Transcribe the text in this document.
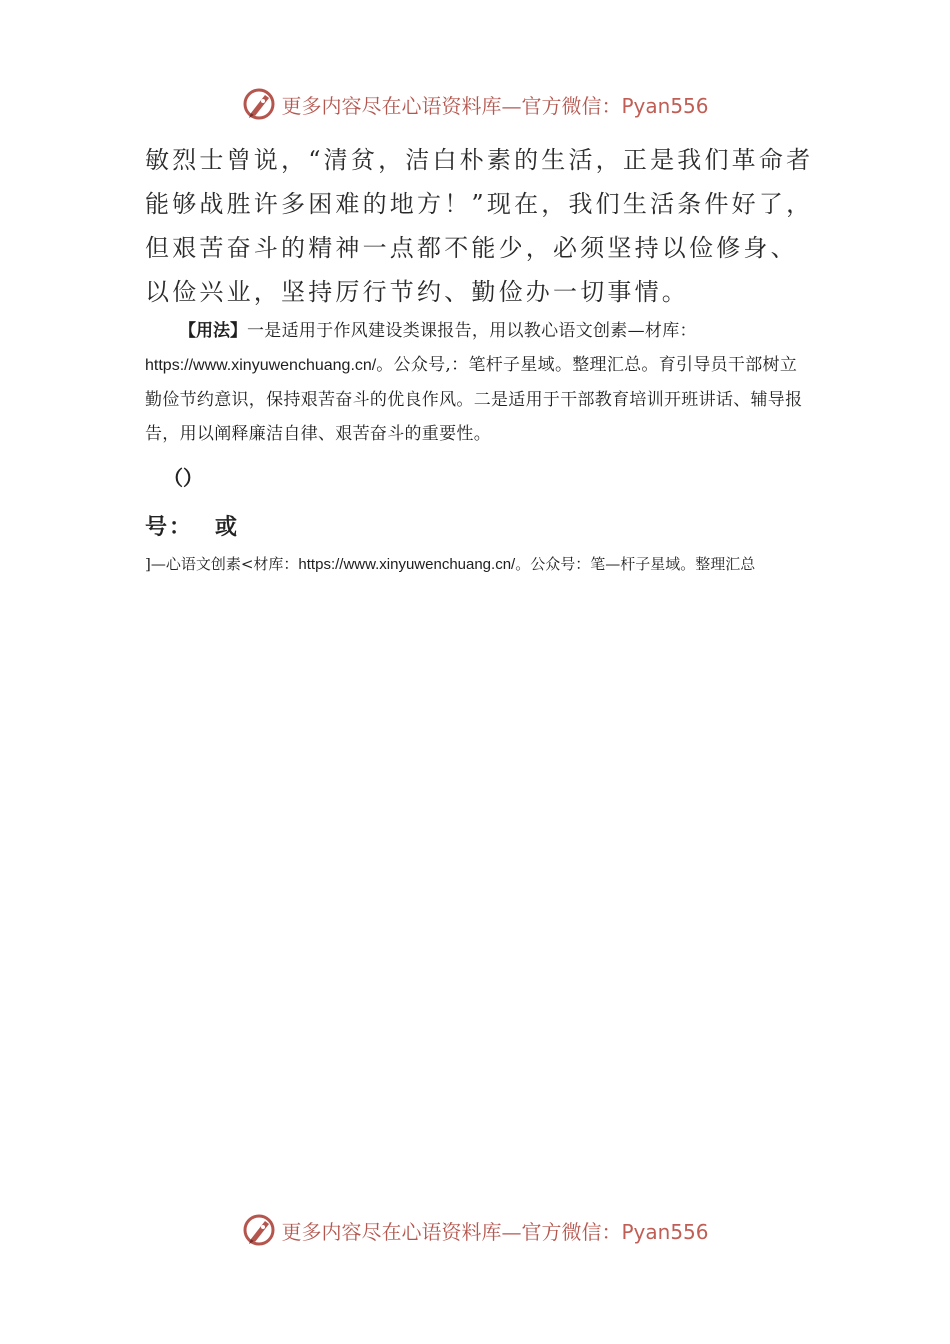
更多内容尽在心语资料库—官方微信：Pyan556

敏烈士曾说，“清贫，洁白朴素的生活，正是我们革命者能够战胜许多困难的地方！”现在，我们生活条件好了，但艰苦奋斗的精神一点都不能少，必须坚持以俭修身、以俭兴业，坚持厉行节约、勤俭办一切事情。

【用法】一是适用于作风建设类课报告，用以教心语文创素—材库：https://www.xinyuwenchuang.cn/。公众号,：笔杆子星域。整理汇总。育引导员干部树立勤俭节约意识，保持艰苦奋斗的优良作风。二是适用于干部教育培训开班讲话、辅导报告，用以阐释廉洁自律、艰苦奋斗的重要性。

（）
号： 或
]—心语文创素<材库：https://www.xinyuwenchuang.cn/。公众号：笔—杆子星域。整理汇总
更多内容尽在心语资料库—官方微信：Pyan556
